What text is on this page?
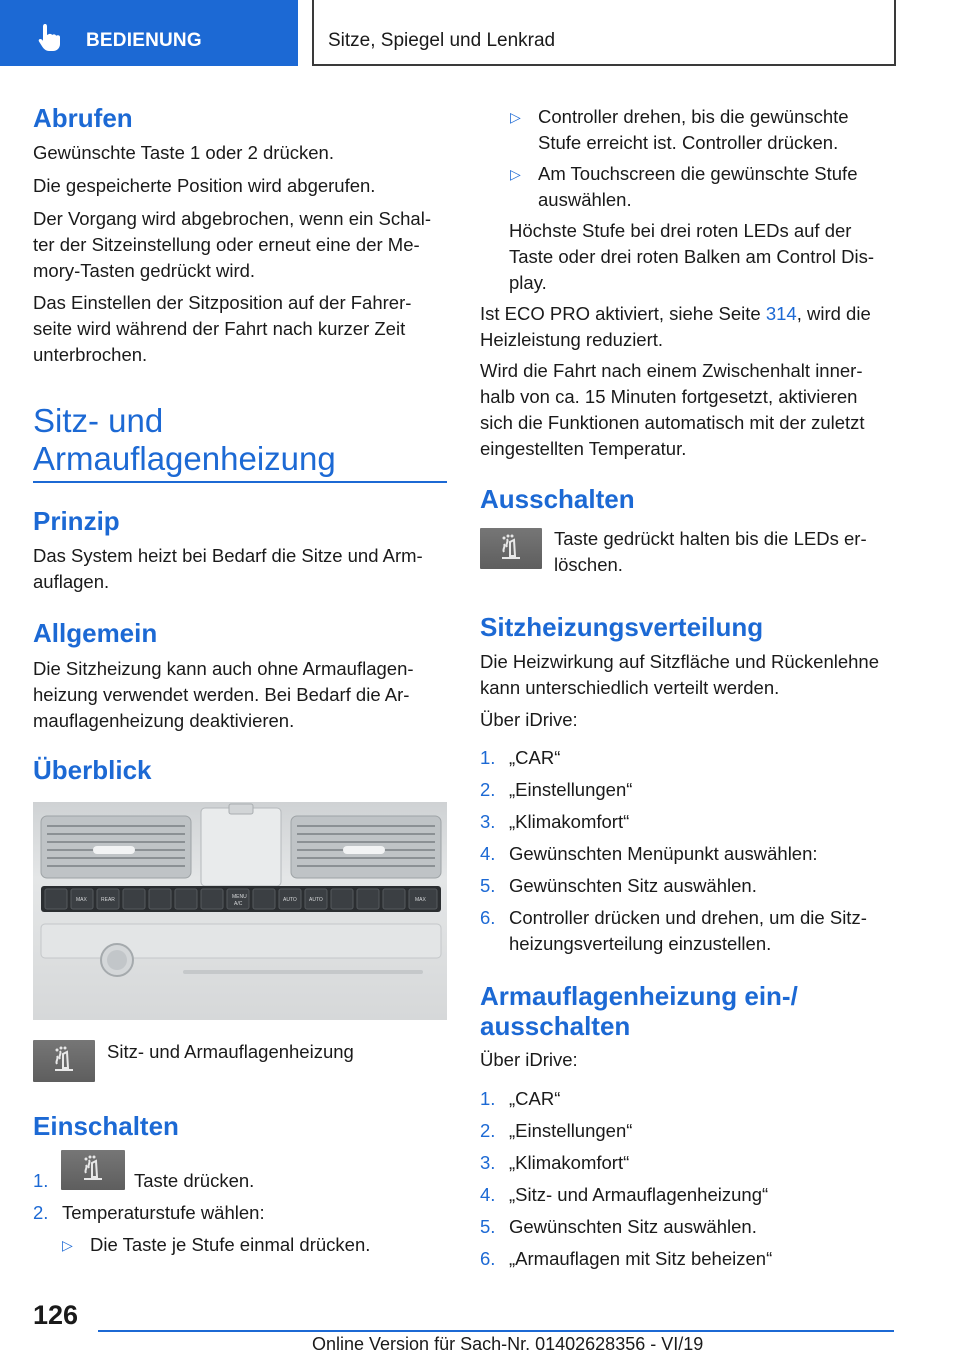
BEDIENUNG	Sitze, Spiegel und Lenkrad
Abrufen

Gewünschte Taste 1 oder 2 drücken.

Die gespeicherte Position wird abgerufen.

Der Vorgang wird abgebrochen, wenn ein Schal-

ter der Sitzeinstellung oder erneut eine der Me-

mory-Tasten gedrückt wird.

Das Einstellen der Sitzposition auf der Fahrer-

seite wird während der Fahrt nach kurzer Zeit

unterbrochen.

Sitz- und
Armauflagenheizung
Prinzip

Das System heizt bei Bedarf die Sitze und Arm-

auflagen.

Allgemein

Die Sitzheizung kann auch ohne Armauflagen-

heizung verwendet werden. Bei Bedarf die Ar-

mauflagenheizung deaktivieren.

Überblick
MAX	REAR	MENU
A/C
AUTO AUTO	MAX

Sitz- und Armauflagenheizung

Einschalten
1.	Taste drücken.

2. Temperaturstufe wählen:

▷ Die Taste je Stufe einmal drücken.

▷ Controller drehen, bis die gewünschte

Stufe erreicht ist. Controller drücken.

▷ Am Touchscreen die gewünschte Stufe

auswählen.

Höchste Stufe bei drei roten LEDs auf der

Taste oder drei roten Balken am Control Dis-

play.

Ist ECO PRO aktiviert, siehe Seite 314, wird die

Heizleistung reduziert.

Wird die Fahrt nach einem Zwischenhalt inner-

halb von ca. 15 Minuten fortgesetzt, aktivieren

sich die Funktionen automatisch mit der zuletzt

eingestellten Temperatur.

Ausschalten

Taste gedrückt halten bis die LEDs er-

löschen.

Sitzheizungsverteilung

Die Heizwirkung auf Sitzfläche und Rückenlehne

kann unterschiedlich verteilt werden.

Über iDrive:

1. „CAR“

2. „Einstellungen“

3. „Klimakomfort“

4. Gewünschten Menüpunkt auswählen:

5. Gewünschten Sitz auswählen.

6. Controller drücken und drehen, um die Sitz-

heizungsverteilung einzustellen.

Armauflagenheizung ein-/
ausschalten

Über iDrive:

1. „CAR“

2. „Einstellungen“

3. „Klimakomfort“

4. „Sitz- und Armauflagenheizung“

5. Gewünschten Sitz auswählen.

6. „Armauflagen mit Sitz beheizen“

126
Online Version für Sach-Nr. 01402628356 - VI/19
